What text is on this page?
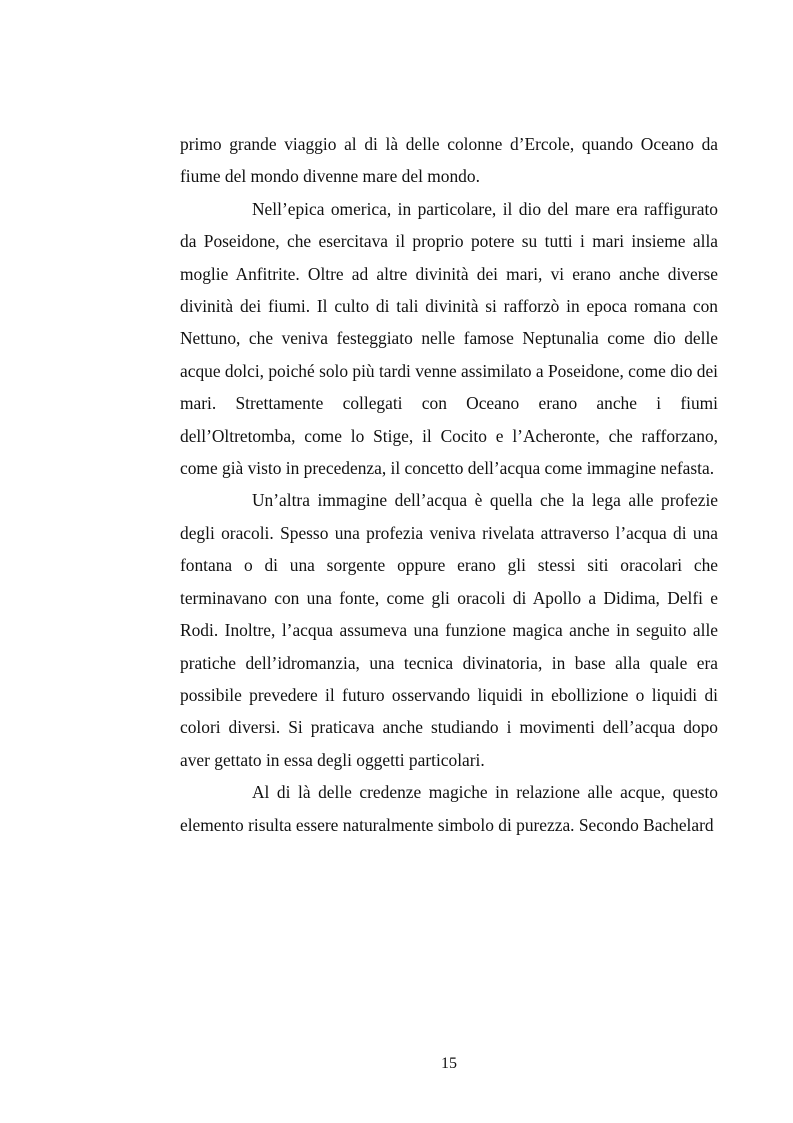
primo grande viaggio al di là delle colonne d’Ercole, quando Oceano da fiume del mondo divenne mare del mondo.

Nell’epica omerica, in particolare, il dio del mare era raffigurato da Poseidone, che esercitava il proprio potere su tutti i mari insieme alla moglie Anfitrite. Oltre ad altre divinità dei mari, vi erano anche diverse divinità dei fiumi. Il culto di tali divinità si rafforzò in epoca romana con Nettuno, che veniva festeggiato nelle famose Neptunalia come dio delle acque dolci, poiché solo più tardi venne assimilato a Poseidone, come dio dei mari. Strettamente collegati con Oceano erano anche i fiumi dell’Oltretomba, come lo Stige, il Cocito e l’Acheronte, che rafforzano, come già visto in precedenza, il concetto dell’acqua come immagine nefasta.

Un’altra immagine dell’acqua è quella che la lega alle profezie degli oracoli. Spesso una profezia veniva rivelata attraverso l’acqua di una fontana o di una sorgente oppure erano gli stessi siti oracolari che terminavano con una fonte, come gli oracoli di Apollo a Didima, Delfi e Rodi. Inoltre, l’acqua assumeva una funzione magica anche in seguito alle pratiche dell’idromanzia, una tecnica divinatoria, in base alla quale era possibile prevedere il futuro osservando liquidi in ebollizione o liquidi di colori diversi. Si praticava anche studiando i movimenti dell’acqua dopo aver gettato in essa degli oggetti particolari.

Al di là delle credenze magiche in relazione alle acque, questo elemento risulta essere naturalmente simbolo di purezza. Secondo Bachelard

15
